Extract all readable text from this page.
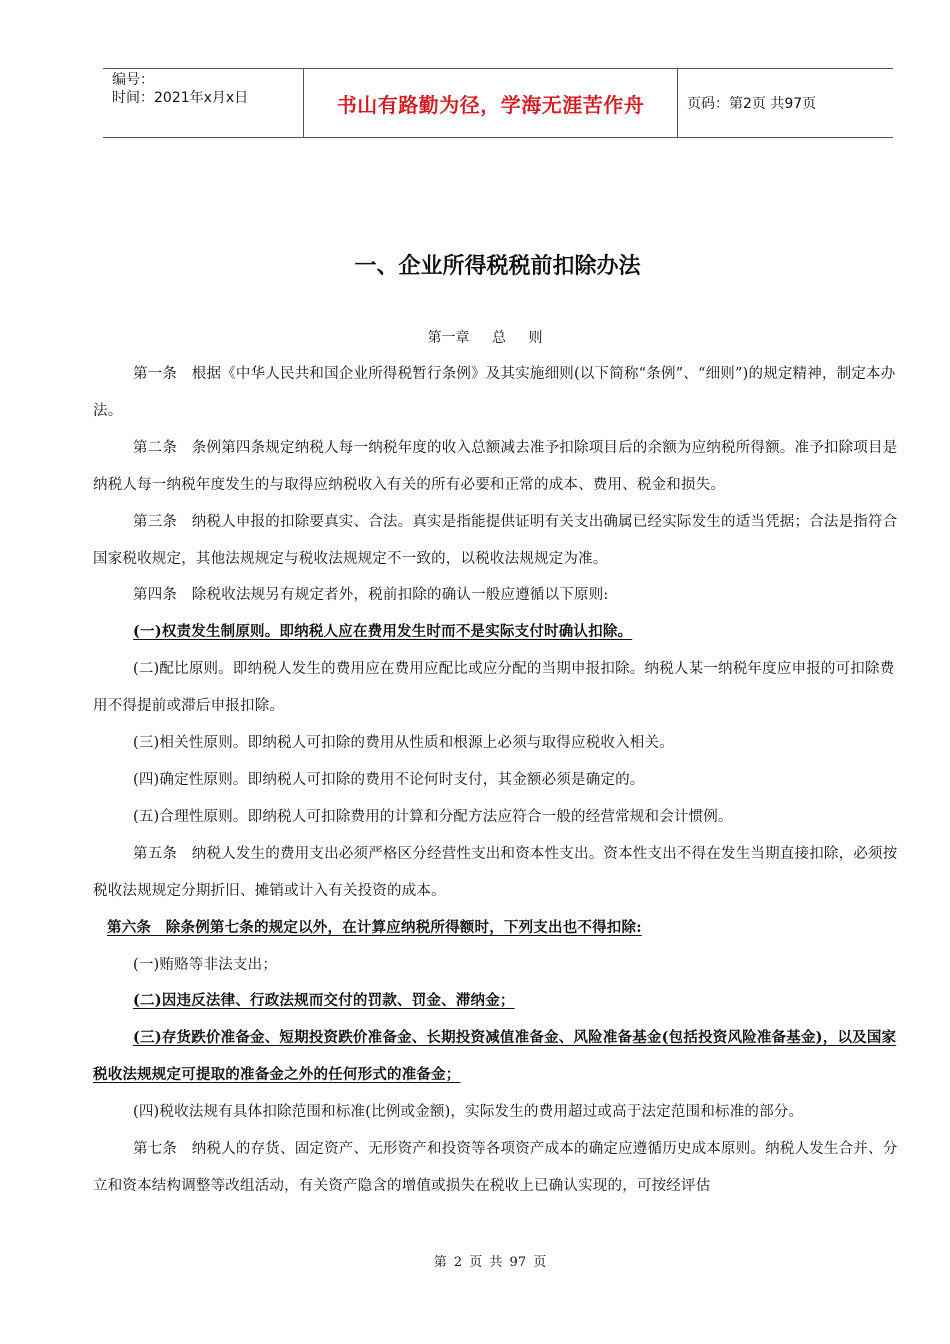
编号：
时间：2021年x月x日	书山有路勤为径，学海无涯苦作舟	页码：第2页 共97页
一、企业所得税税前扣除办法
第一章 总 则

第一条　根据《中华人民共和国企业所得税暂行条例》及其实施细则(以下简称“条例”、“细则”)的规定精神，制定本办法。

第二条　条例第四条规定纳税人每一纳税年度的收入总额减去准予扣除项目后的余额为应纳税所得额。准予扣除项目是纳税人每一纳税年度发生的与取得应纳税收入有关的所有必要和正常的成本、费用、税金和损失。

第三条　纳税人申报的扣除要真实、合法。真实是指能提供证明有关支出确属已经实际发生的适当凭据；合法是指符合国家税收规定，其他法规规定与税收法规规定不一致的，以税收法规规定为准。

第四条　除税收法规另有规定者外，税前扣除的确认一般应遵循以下原则:

(一)权责发生制原则。即纳税人应在费用发生时而不是实际支付时确认扣除。

(二)配比原则。即纳税人发生的费用应在费用应配比或应分配的当期申报扣除。纳税人某一纳税年度应申报的可扣除费用不得提前或滞后申报扣除。

(三)相关性原则。即纳税人可扣除的费用从性质和根源上必须与取得应税收入相关。

(四)确定性原则。即纳税人可扣除的费用不论何时支付，其金额必须是确定的。

(五)合理性原则。即纳税人可扣除费用的计算和分配方法应符合一般的经营常规和会计惯例。

第五条　纳税人发生的费用支出必须严格区分经营性支出和资本性支出。资本性支出不得在发生当期直接扣除，必须按税收法规规定分期折旧、摊销或计入有关投资的成本。

第六条　除条例第七条的规定以外，在计算应纳税所得额时，下列支出也不得扣除:

(一)贿赂等非法支出；

(二)因违反法律、行政法规而交付的罚款、罚金、滞纳金；

(三)存货跌价准备金、短期投资跌价准备金、长期投资减值准备金、风险准备基金(包括投资风险准备基金)，以及国家税收法规规定可提取的准备金之外的任何形式的准备金；

(四)税收法规有具体扣除范围和标准(比例或金额)，实际发生的费用超过或高于法定范围和标准的部分。

第七条　纳税人的存货、固定资产、无形资产和投资等各项资产成本的确定应遵循历史成本原则。纳税人发生合并、分立和资本结构调整等改组活动，有关资产隐含的增值或损失在税收上已确认实现的，可按经评估

第 2 页 共 97 页
